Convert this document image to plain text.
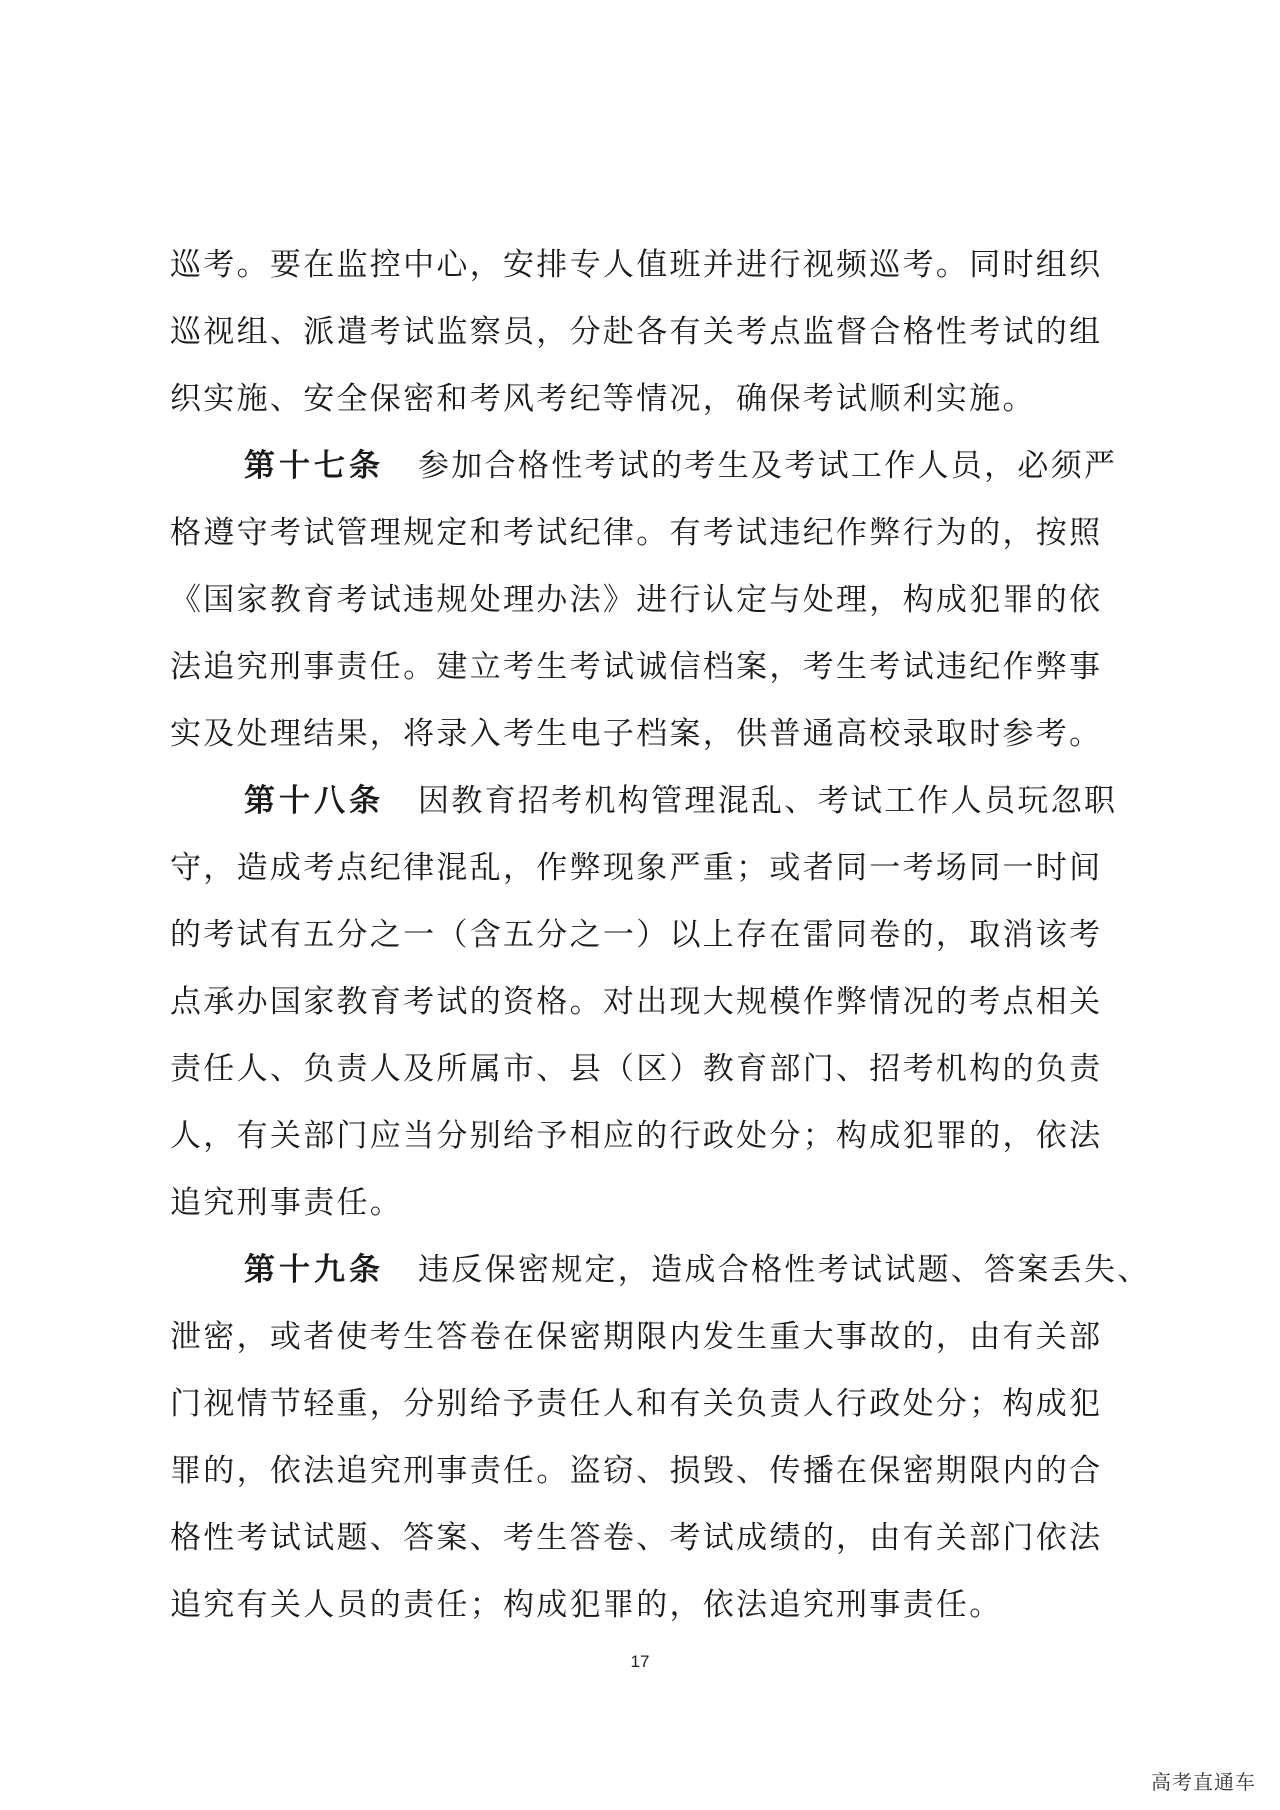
巡考。要在监控中心，安排专人值班并进行视频巡考。同时组织
巡视组、派遣考试监察员，分赴各有关考点监督合格性考试的组
织实施、安全保密和考风考纪等情况，确保考试顺利实施。
第十七条 参加合格性考试的考生及考试工作人员，必须严
格遵守考试管理规定和考试纪律。有考试违纪作弊行为的，按照
《国家教育考试违规处理办法》进行认定与处理，构成犯罪的依
法追究刑事责任。建立考生考试诚信档案，考生考试违纪作弊事
实及处理结果，将录入考生电子档案，供普通高校录取时参考。
第十八条 因教育招考机构管理混乱、考试工作人员玩忽职
守，造成考点纪律混乱，作弊现象严重；或者同一考场同一时间
的考试有五分之一（含五分之一）以上存在雷同卷的，取消该考
点承办国家教育考试的资格。对出现大规模作弊情况的考点相关
责任人、负责人及所属市、县（区）教育部门、招考机构的负责
人，有关部门应当分别给予相应的行政处分；构成犯罪的，依法
追究刑事责任。
第十九条 违反保密规定，造成合格性考试试题、答案丢失、
泄密，或者使考生答卷在保密期限内发生重大事故的，由有关部
门视情节轻重，分别给予责任人和有关负责人行政处分；构成犯
罪的，依法追究刑事责任。盗窃、损毁、传播在保密期限内的合
格性考试试题、答案、考生答卷、考试成绩的，由有关部门依法
追究有关人员的责任；构成犯罪的，依法追究刑事责任。
17
高考直通车
